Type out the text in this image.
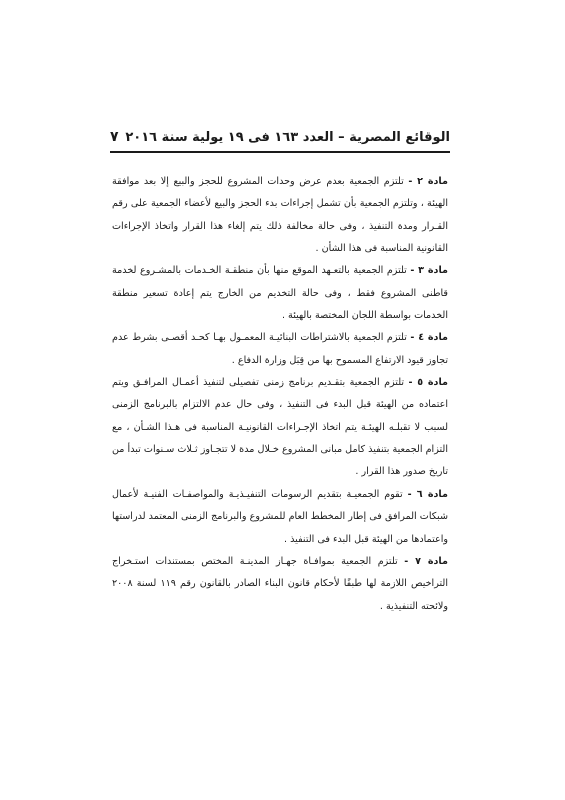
الوقائع المصرية – العدد ١٦٣ فى ١٩ يولية سنة ٢٠١٦
٧

مادة ٢ - تلتزم الجمعية بعدم عرض وحدات المشروع للحجز والبيع إلا بعد موافقة الهيئة ، وتلتزم الجمعية بأن تشمل إجراءات بدء الحجز والبيع لأعضاء الجمعية على رقم القـرار ومدة التنفيذ ، وفى حالة مخالفة ذلك يتم إلغاء هذا القرار واتخاذ الإجراءات القانونية المناسبة فى هذا الشأن .

مادة ٣ - تلتزم الجمعية بالتعـهد الموقع منها بأن منطقـة الخـدمات بالمشـروع لخدمة قاطنى المشروع فقط ، وفى حالة التخديم من الخارج يتم إعادة تسعير منطقة الخدمات بواسطة اللجان المختصة بالهيئة .

مادة ٤ - تلتزم الجمعية بالاشتراطات البنائيـة المعمـول بهـا كحـد أقصـى بشرط عدم تجاوز قيود الارتفاع المسموح بها من قِبَل وزارة الدفاع .

مادة ٥ - تلتزم الجمعية بتقـديم برنامج زمنى تفصيلى لتنفيذ أعمـال المرافـق ويتم اعتماده من الهيئة قبل البدء فى التنفيذ ، وفى حال عدم الالتزام بالبرنامج الزمنى لسبب لا تقبلـه الهيئـة يتم اتخاذ الإجـراءات القانونيـة المناسبة فى هـذا الشـأن ، مع التزام الجمعية بتنفيذ كامل مبانى المشروع خـلال مدة لا تتجـاوز ثـلاث سـنوات تبدأ من تاريخ صدور هذا القرار .

مادة ٦ - تقوم الجمعيـة بتقديم الرسومات التنفيـذيـة والمواصفـات الفنيـة لأعمال شبكات المرافق فى إطار المخطط العام للمشروع والبرنامج الزمنى المعتمد لدراستها واعتمادها من الهيئة قبل البدء فى التنفيذ .

مادة ٧ - تلتزم الجمعية بموافـاة جهـاز المدينـة المختص بمستندات استـخراج التراخيص اللازمة لها طبقًا لأحكام قانون البناء الصادر بالقانون رقم ١١٩ لسنة ٢٠٠٨ ولائحته التنفيذية .
